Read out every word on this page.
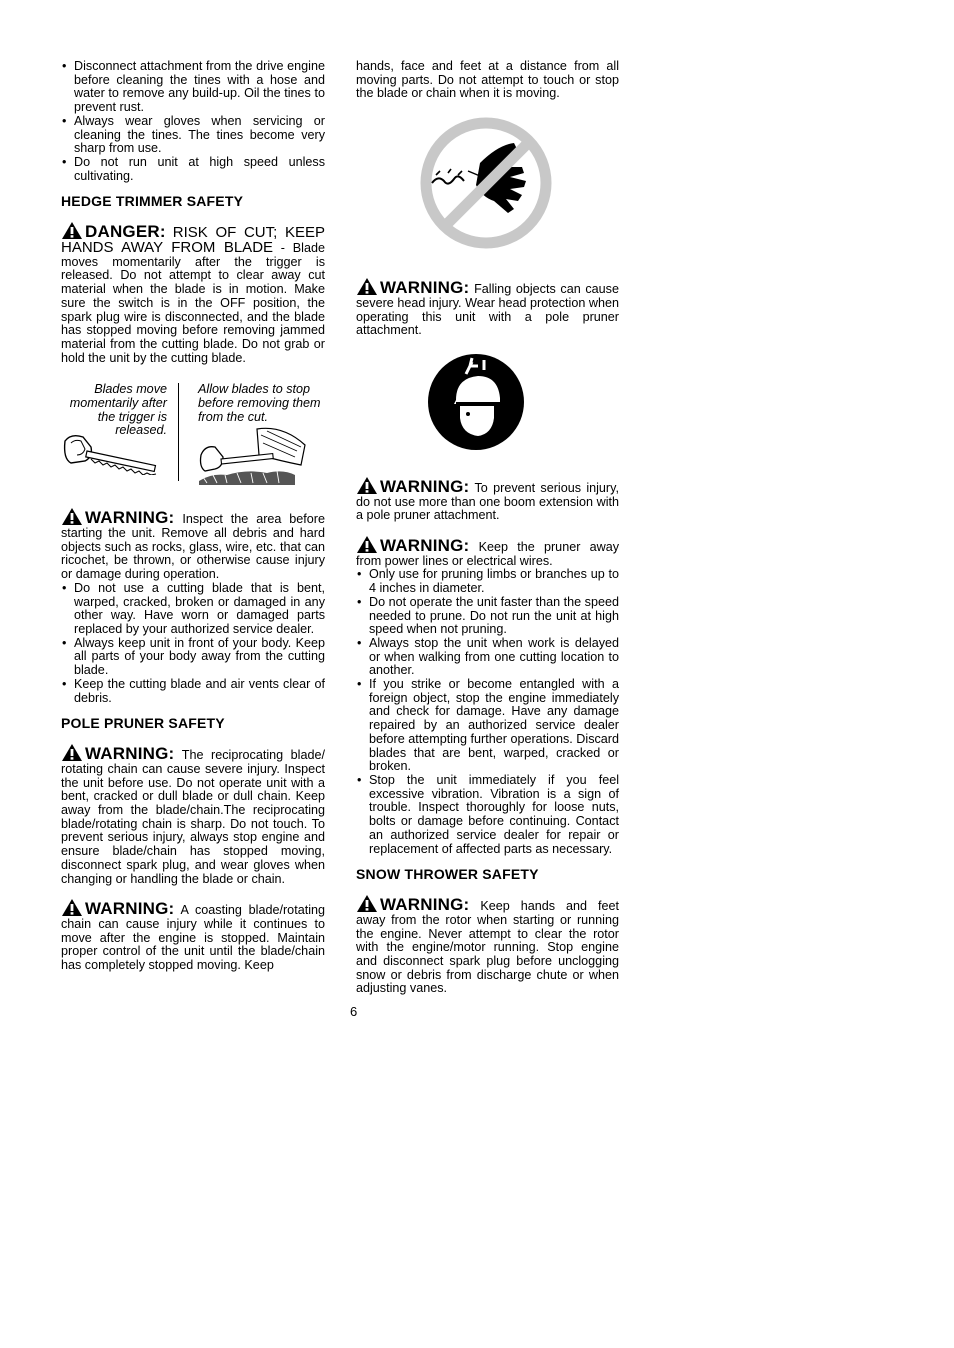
• Disconnect attachment from the drive engine before cleaning the tines with a hose and water to remove any build-up. Oil the tines to prevent rust.
• Always wear gloves when servicing or cleaning the tines. The tines become very sharp from use.
• Do not run unit at high speed unless cultivating.
HEDGE TRIMMER SAFETY

DANGER: RISK OF CUT; KEEP HANDS AWAY FROM BLADE - Blade moves momentarily after the trigger is released. Do not attempt to clear away cut material when the blade is in motion. Make sure the switch is in the OFF position, the spark plug wire is disconnected, and the blade has stopped moving before removing jammed material from the cutting blade. Do not grab or hold the unit by the cutting blade.

Blades move momentarily after the trigger is released.
Allow blades to stop before removing them from the cut.

WARNING: Inspect the area before starting the unit. Remove all debris and hard objects such as rocks, glass, wire, etc. that can ricochet, be thrown, or otherwise cause injury or damage during operation.

• Do not use a cutting blade that is bent, warped, cracked, broken or damaged in any other way. Have worn or damaged parts replaced by your authorized service dealer.
• Always keep unit in front of your body. Keep all parts of your body away from the cutting blade.
• Keep the cutting blade and air vents clear of debris.
POLE PRUNER SAFETY

WARNING: The reciprocating blade/ rotating chain can cause severe injury. Inspect the unit before use. Do not operate unit with a bent, cracked or dull blade or dull chain. Keep away from the blade/chain.The reciprocating blade/rotating chain is sharp. Do not touch. To prevent serious injury, always stop engine and ensure blade/chain has stopped moving, disconnect spark plug, and wear gloves when changing or handling the blade or chain.

WARNING: A coasting blade/rotating chain can cause injury while it continues to move after the engine is stopped. Maintain proper control of the unit until the blade/chain has completely stopped moving. Keep

hands, face and feet at a distance from all moving parts. Do not attempt to touch or stop the blade or chain when it is moving.

WARNING: Falling objects can cause severe head injury. Wear head protection when operating this unit with a pole pruner attachment.

WARNING: To prevent serious injury, do not use more than one boom extension with a pole pruner attachment.

WARNING: Keep the pruner away from power lines or electrical wires.

• Only use for pruning limbs or branches up to 4 inches in diameter.
• Do not operate the unit faster than the speed needed to prune. Do not run the unit at high speed when not pruning.
• Always stop the unit when work is delayed or when walking from one cutting location to another.
• If you strike or become entangled with a foreign object, stop the engine immediately and check for damage. Have any damage repaired by an authorized service dealer before attempting further operations. Discard blades that are bent, warped, cracked or broken.
• Stop the unit immediately if you feel excessive vibration. Vibration is a sign of trouble. Inspect thoroughly for loose nuts, bolts or damage before continuing. Contact an authorized service dealer for repair or replacement of affected parts as necessary.
SNOW THROWER SAFETY

WARNING: Keep hands and feet away from the rotor when starting or running the engine. Never attempt to clear the rotor with the engine/motor running. Stop engine and disconnect spark plug before unclogging snow or debris from discharge chute or when adjusting vanes.

6
